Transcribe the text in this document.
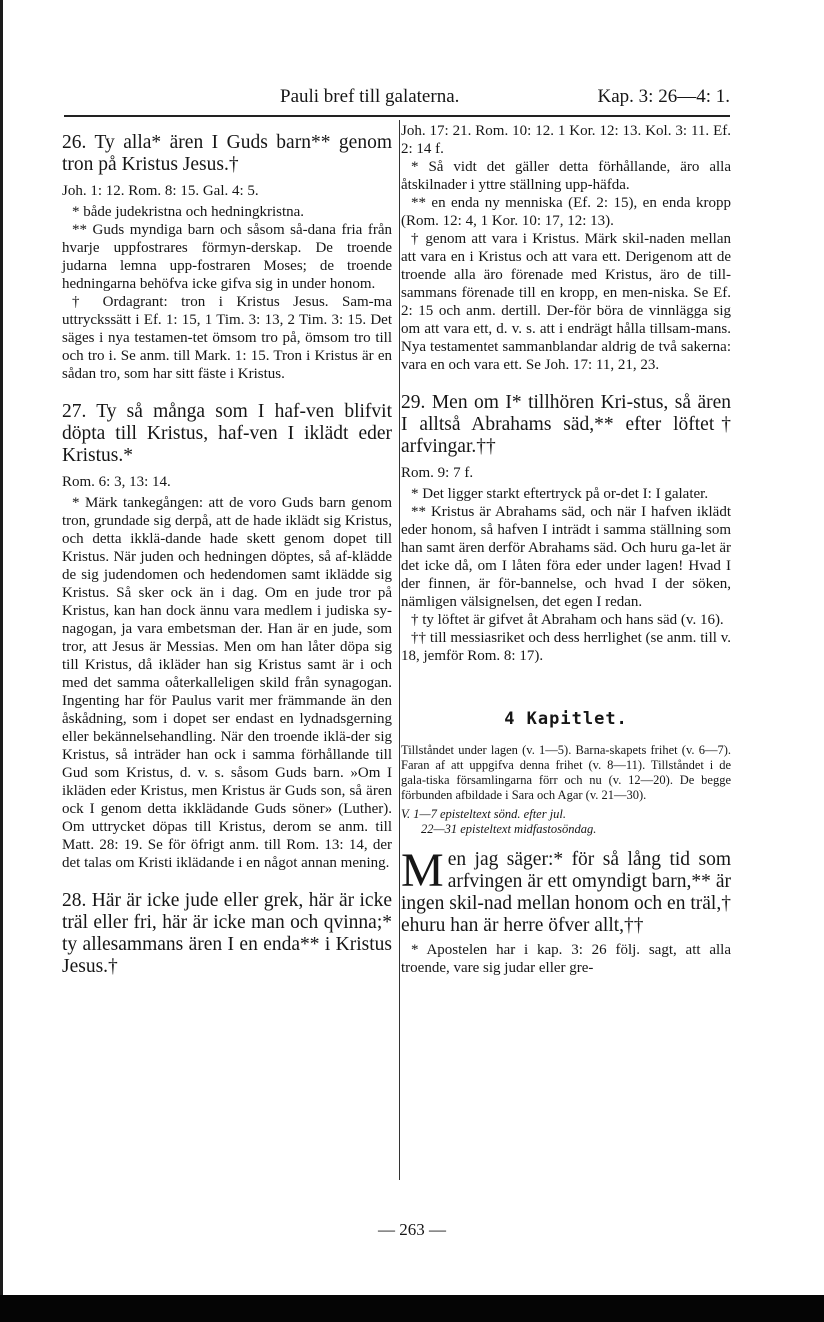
Pauli bref till galaterna.	Kap. 3: 26—4: 1.

26. Ty alla* ären I Guds barn** genom tron på Kristus Jesus.†

Joh. 1: 12. Rom. 8: 15. Gal. 4: 5.

* både judekristna och hedningkristna.

** Guds myndiga barn och såsom så-dana fria från hvarje uppfostrares förmyn-derskap. De troende judarna lemna upp-fostraren Moses; de troende hedningarna behöfva icke gifva sig in under honom.

† Ordagrant: tron i Kristus Jesus. Sam-ma uttryckssätt i Ef. 1: 15, 1 Tim. 3: 13, 2 Tim. 3: 15. Det säges i nya testamen-tet ömsom tro på, ömsom tro till och tro i. Se anm. till Mark. 1: 15. Tron i Kristus är en sådan tro, som har sitt fäste i Kristus.

27. Ty så många som I haf-ven blifvit döpta till Kristus, haf-ven I iklädt eder Kristus.*

Rom. 6: 3, 13: 14.

* Märk tankegången: att de voro Guds barn genom tron, grundade sig derpå, att de hade iklädt sig Kristus, och detta ikklä-dande hade skett genom dopet till Kristus. När juden och hedningen döptes, så af-klädde de sig judendomen och hedendomen samt iklädde sig Kristus. Så sker ock än i dag. Om en jude tror på Kristus, kan han dock ännu vara medlem i judiska sy-nagogan, ja vara embetsman der. Han är en jude, som tror, att Jesus är Messias. Men om han låter döpa sig till Kristus, då ikläder han sig Kristus samt är i och med det samma oåterkalleligen skild från synagogan. Ingenting har för Paulus varit mer främmande än den åskådning, som i dopet ser endast en lydnadsgerning eller bekännelsehandling. När den troende iklä-der sig Kristus, så inträder han ock i samma förhållande till Gud som Kristus, d. v. s. såsom Guds barn. »Om I ikläden eder Kristus, men Kristus är Guds son, så ären ock I genom detta ikklädande Guds söner» (Luther). Om uttrycket döpas till Kristus, derom se anm. till Matt. 28: 19. Se för öfrigt anm. till Rom. 13: 14, der det talas om Kristi iklädande i en något annan mening.

28. Här är icke jude eller grek, här är icke träl eller fri, här är icke man och qvinna;* ty allesammans ären I en enda** i Kristus Jesus.†

Joh. 17: 21. Rom. 10: 12. 1 Kor. 12: 13. Kol. 3: 11. Ef. 2: 14 f.

* Så vidt det gäller detta förhållande, äro alla åtskilnader i yttre ställning upp-häfda.

** en enda ny menniska (Ef. 2: 15), en enda kropp (Rom. 12: 4, 1 Kor. 10: 17, 12: 13).

† genom att vara i Kristus. Märk skil-naden mellan att vara en i Kristus och att vara ett. Derigenom att de troende alla äro förenade med Kristus, äro de till-sammans förenade till en kropp, en men-niska. Se Ef. 2: 15 och anm. dertill. Der-för böra de vinnlägga sig om att vara ett, d. v. s. att i endrägt hålla tillsam-mans. Nya testamentet sammanblandar aldrig de två sakerna: vara en och vara ett. Se Joh. 17: 11, 21, 23.

29. Men om I* tillhören Kri-stus, så ären I alltså Abrahams säd,** efter löftet† arfvingar.††

Rom. 9: 7 f.

* Det ligger starkt eftertryck på or-det I: I galater.

** Kristus är Abrahams säd, och när I hafven iklädt eder honom, så hafven I inträdt i samma ställning som han samt ären derför Abrahams säd. Och huru ga-let är det icke då, om I låten föra eder under lagen! Hvad I der finnen, är för-bannelse, och hvad I der söken, nämligen välsignelsen, det egen I redan.

† ty löftet är gifvet åt Abraham och hans säd (v. 16).

†† till messiasriket och dess herrlighet (se anm. till v. 18, jemför Rom. 8: 17).

4 Kapitlet.

Tillståndet under lagen (v. 1—5). Barna-skapets frihet (v. 6—7). Faran af att uppgifva denna frihet (v. 8—11). Tillståndet i de gala-tiska församlingarna förr och nu (v. 12—20). De begge förbunden afbildade i Sara och Agar (v. 21—30).

V. 1—7 episteltext sönd. efter jul.

22—31 episteltext midfastosöndag.

Men jag säger:* för så lång tid som arfvingen är ett omyndigt barn,** är ingen skil-nad mellan honom och en träl,† ehuru han är herre öfver allt,††

* Apostelen har i kap. 3: 26 följ. sagt, att alla troende, vare sig judar eller gre-

— 263 —
